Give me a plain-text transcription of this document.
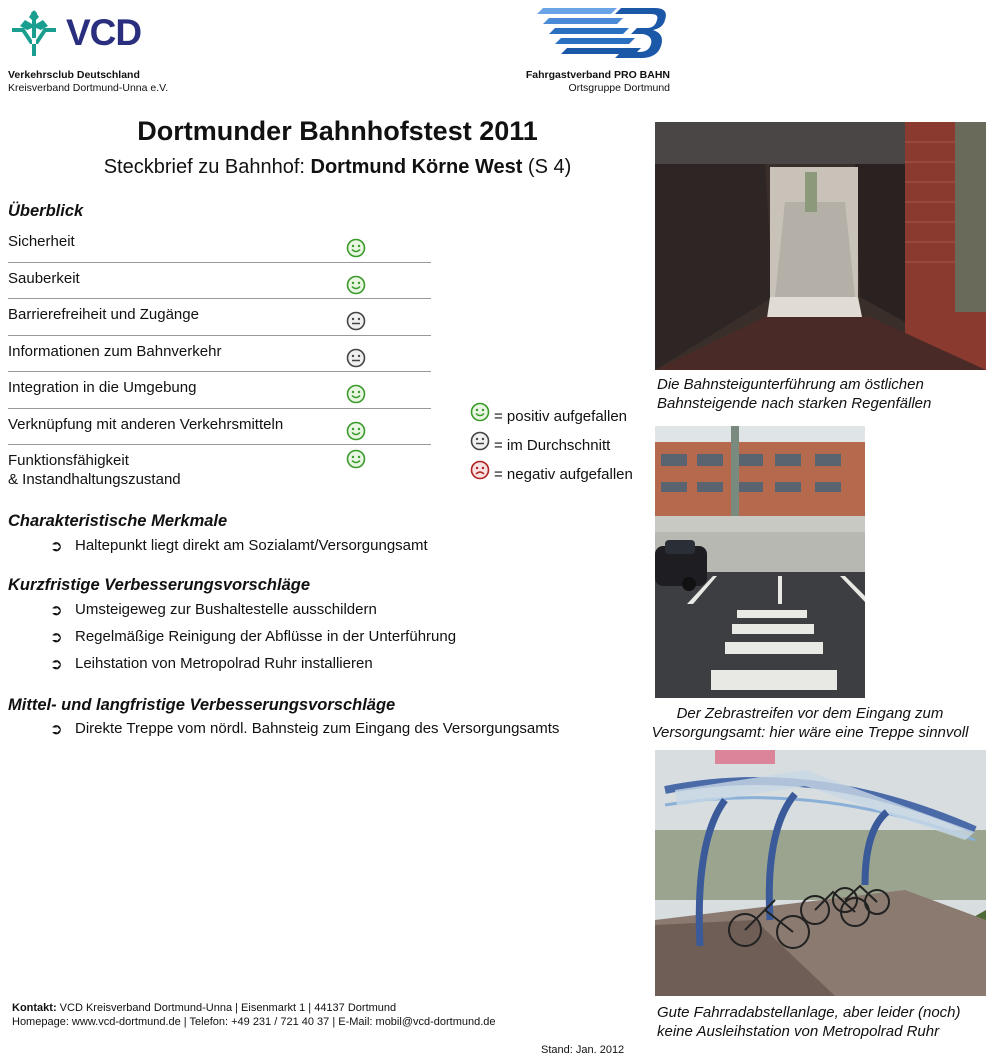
VCD
Verkehrsclub Deutschland
Kreisverband Dortmund-Unna e.V.
Fahrgastverband PRO BAHN
Ortsgruppe Dortmund
Dortmunder Bahnhofstest 2011
Steckbrief zu Bahnhof: Dortmund Körne West (S 4)
Überblick
Sicherheit
Sauberkeit
Barrierefreiheit und Zugänge
Informationen zum Bahnverkehr
Integration in die Umgebung
Verknüpfung mit anderen Verkehrsmitteln
Funktionsfähigkeit
& Instandhaltungszustand
= positiv aufgefallen
= im Durchschnitt
= negativ aufgefallen
Charakteristische Merkmale
➲ Haltepunkt liegt direkt am Sozialamt/Versorgungsamt
Kurzfristige Verbesserungsvorschläge
➲ Umsteigeweg zur Bushaltestelle ausschildern
➲ Regelmäßige Reinigung der Abflüsse in der Unterführung
➲ Leihstation von Metropolrad Ruhr installieren
Mittel- und langfristige Verbesserungsvorschläge
➲ Direkte Treppe vom nördl. Bahnsteig zum Eingang des Versorgungsamts
Die Bahnsteigunterführung am östlichen
Bahnsteigende nach starken Regenfällen
Der Zebrastreifen vor dem Eingang zum
Versorgungsamt: hier wäre eine Treppe sinnvoll
Gute Fahrradabstellanlage, aber leider (noch)
keine Ausleihstation von Metropolrad Ruhr
Kontakt: VCD Kreisverband Dortmund-Unna | Eisenmarkt 1 | 44137 Dortmund
Homepage: www.vcd-dortmund.de | Telefon: +49 231 / 721 40 37 | E-Mail: mobil@vcd-dortmund.de
Stand: Jan. 2012
